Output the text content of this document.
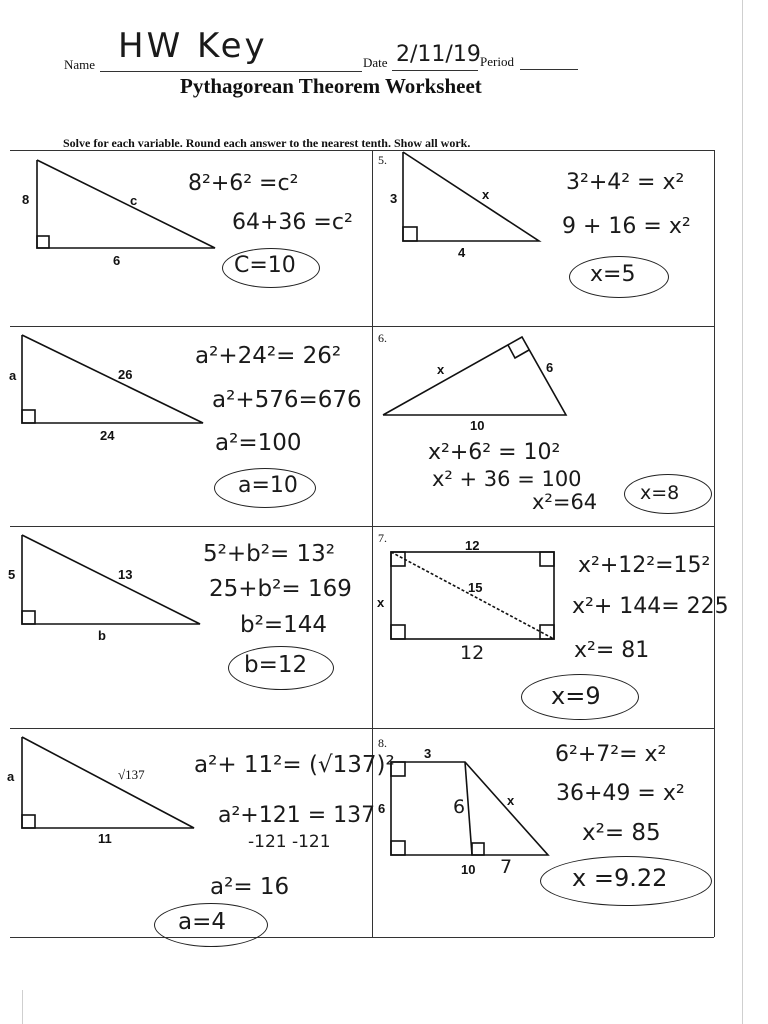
Name HW Key	Date 2/11/19 Period
Pythagorean Theorem Worksheet
Solve for each variable. Round each answer to the nearest tenth. Show all work.
8
6
c
5.
3
4
x
a
24
26
6.
x	6
10
5
b
13
7.	12
x
15
12
a
11
√137
8.
3
6	6	x
10 7
8²+6² =c²
64+36 =c²
C=10
3²+4² = x²
9 + 16 = x²
x=5
a²+24²= 26²
a²+576=676
a²=100
a=10
x²+6² = 10²
x² + 36 = 100
x²=64 x=8
5²+b²= 13²
25+b²= 169
b²=144
b=12
x²+12²=15²
x²+ 144= 225
x²= 81
x=9
a²+ 11²= (√137)²
a²+121 = 137
-121 -121
a²= 16
a=4
6²+7²= x²
36+49 = x²
x²= 85
x =9.22
